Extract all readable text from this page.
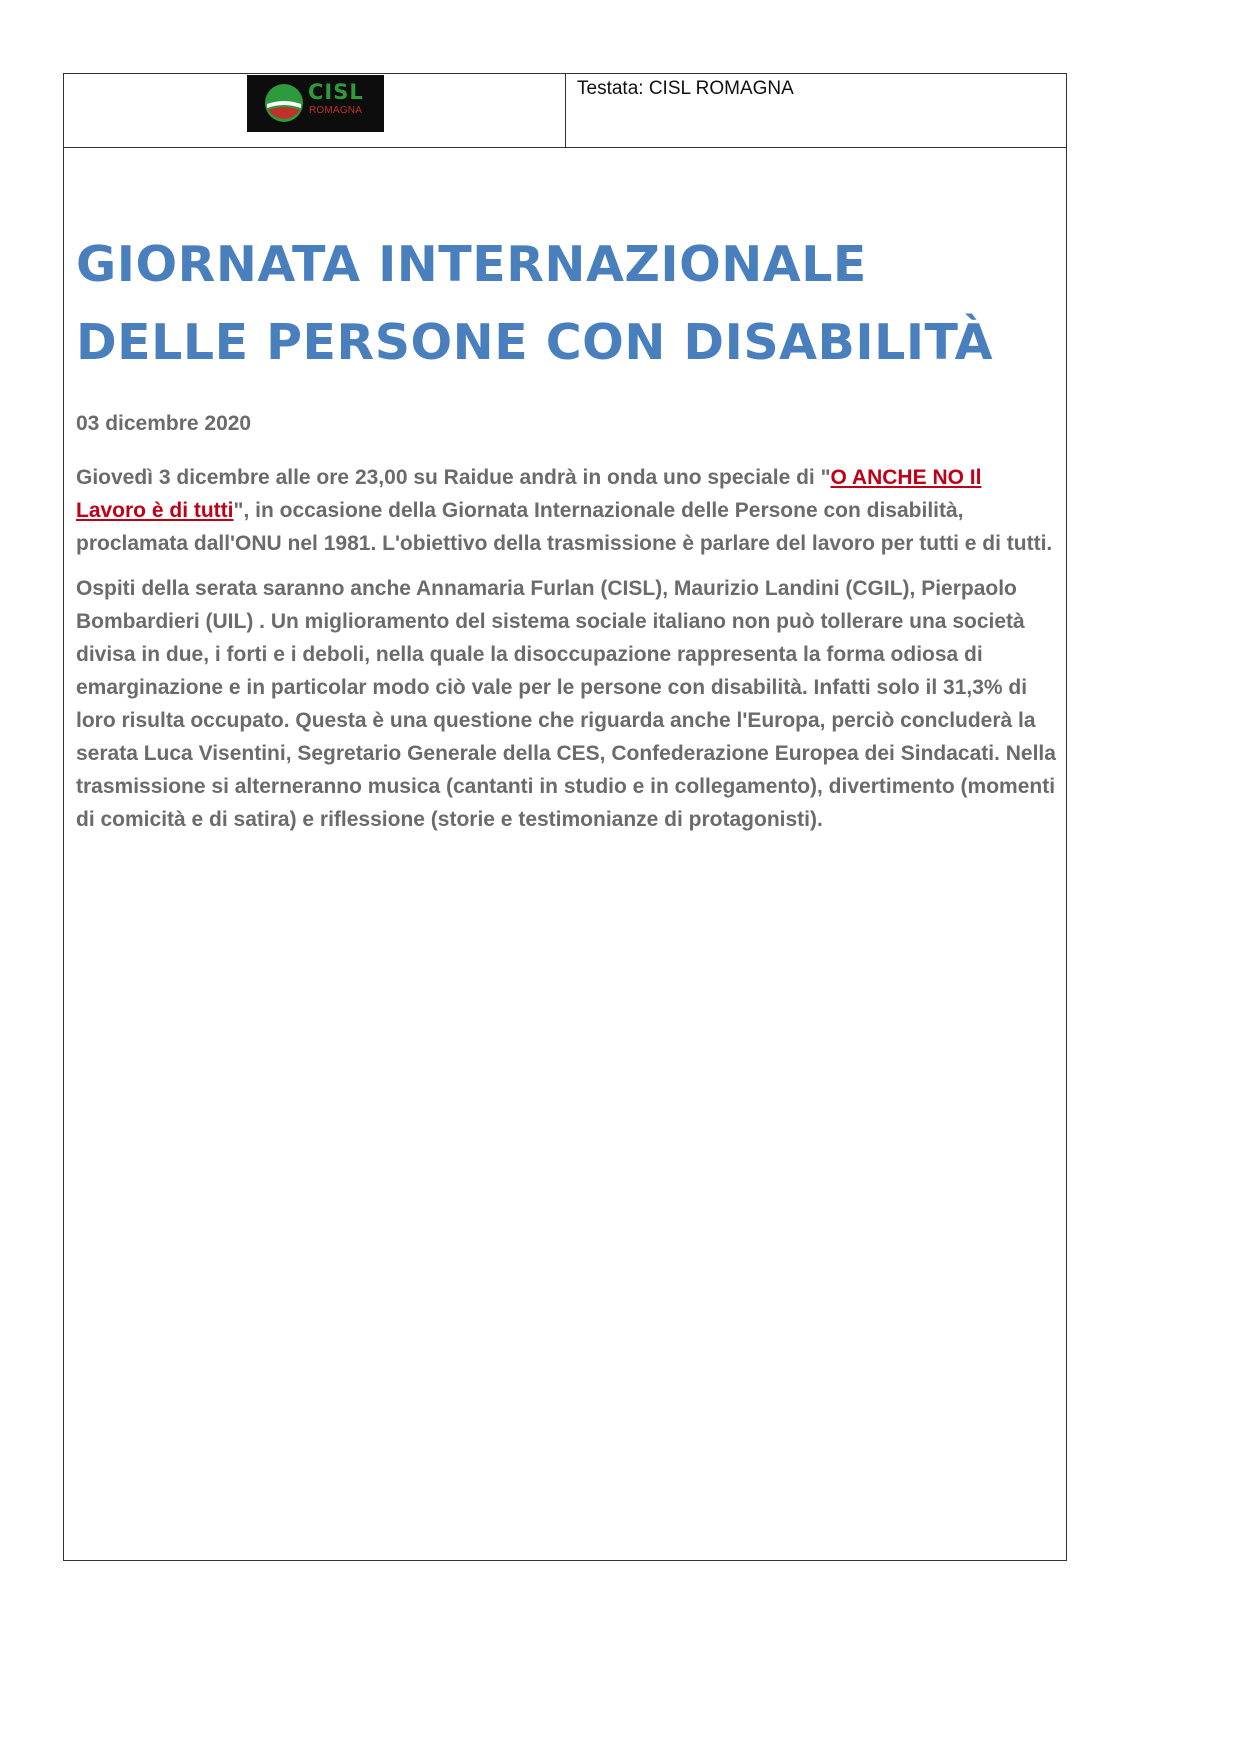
CISL
ROMAGNA
Testata: CISL ROMAGNA
GIORNATA INTERNAZIONALE DELLE PERSONE CON DISABILITÀ
03 dicembre 2020

Giovedì 3 dicembre alle ore 23,00 su Raidue andrà in onda uno speciale di "O ANCHE NO Il Lavoro è di tutti", in occasione della Giornata Internazionale delle Persone con disabilità, proclamata dall'ONU nel 1981. L'obiettivo della trasmissione è parlare del lavoro per tutti e di tutti.

Ospiti della serata saranno anche Annamaria Furlan (CISL), Maurizio Landini (CGIL), Pierpaolo Bombardieri (UIL) . Un miglioramento del sistema sociale italiano non può tollerare una società divisa in due, i forti e i deboli, nella quale la disoccupazione rappresenta la forma odiosa di emarginazione e in particolar modo ciò vale per le persone con disabilità. Infatti solo il 31,3% di loro risulta occupato. Questa è una questione che riguarda anche l'Europa, perciò concluderà la serata Luca Visentini, Segretario Generale della CES, Confederazione Europea dei Sindacati. Nella trasmissione si alterneranno musica (cantanti in studio e in collegamento), divertimento (momenti di comicità e di satira) e riflessione (storie e testimonianze di protagonisti).
